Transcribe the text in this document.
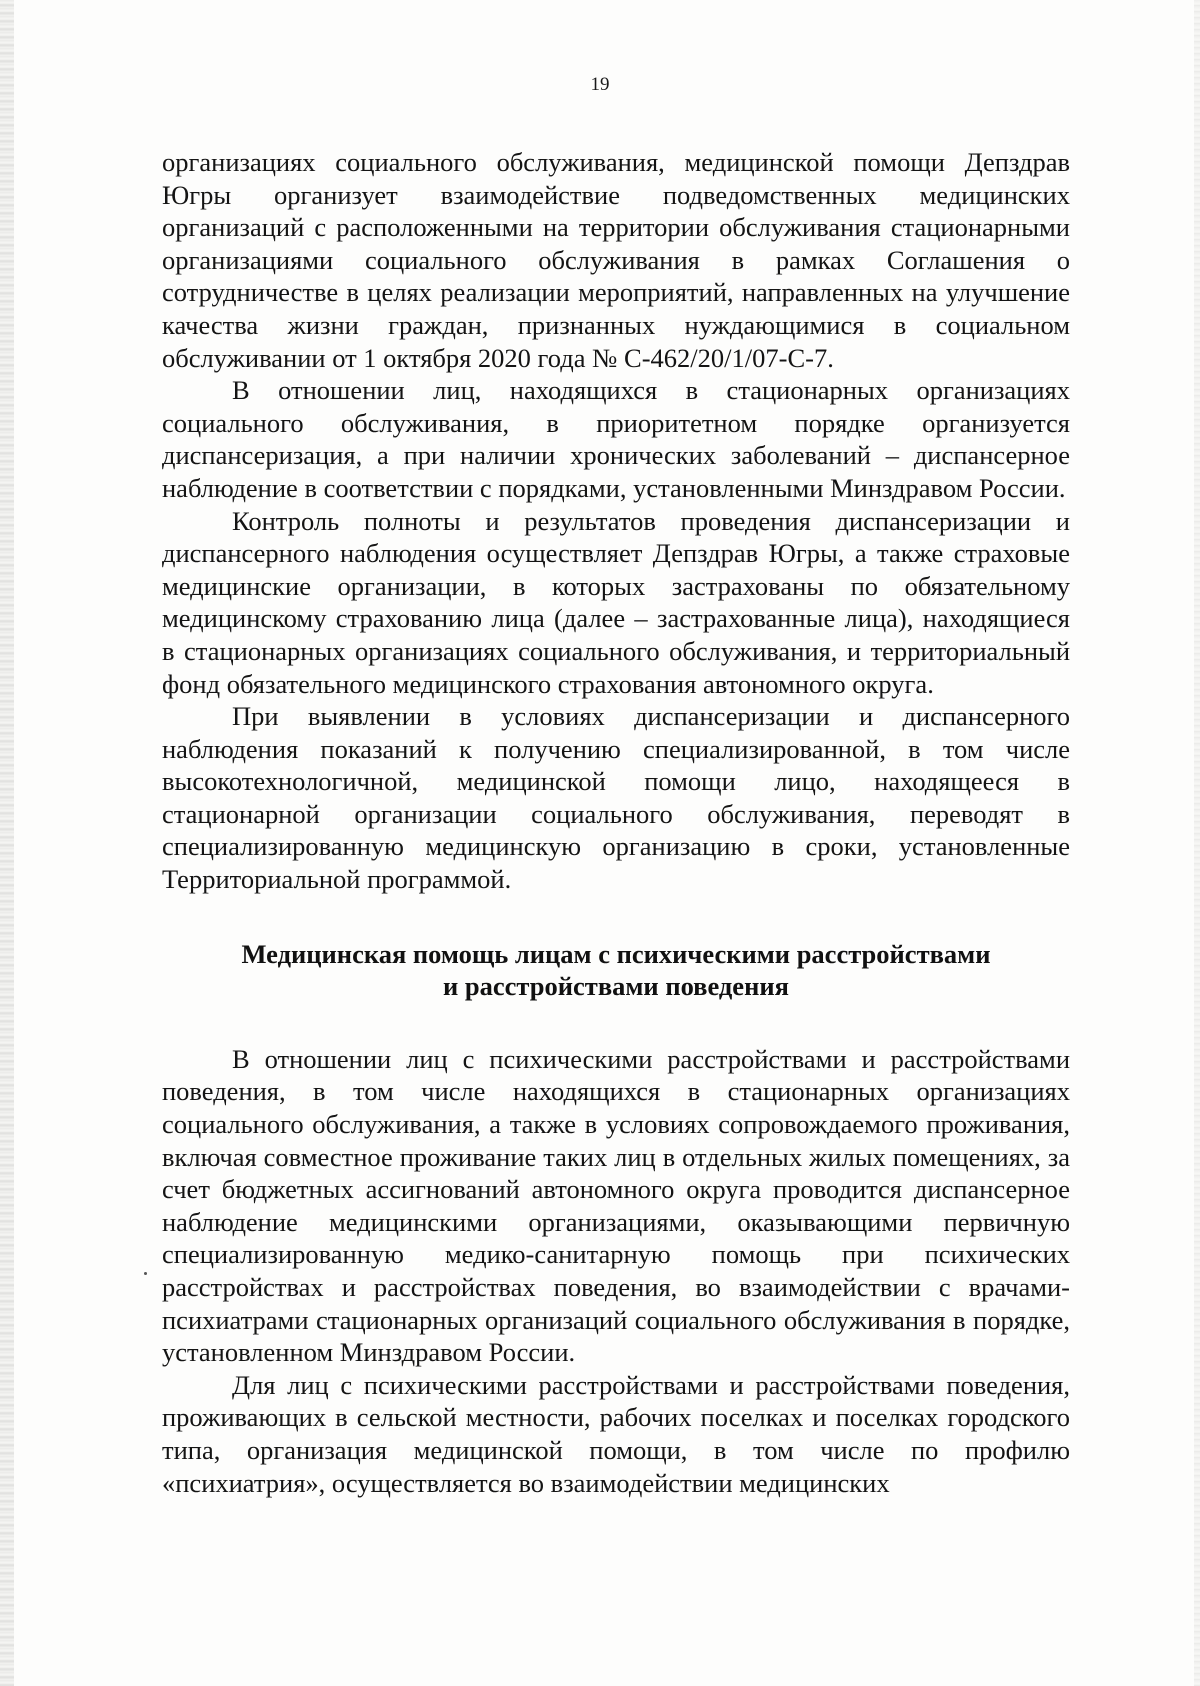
19

организациях социального обслуживания, медицинской помощи Депздрав Югры организует взаимодействие подведомственных медицинских организаций с расположенными на территории обслуживания стационарными организациями социального обслуживания в рамках Соглашения о сотрудничестве в целях реализации мероприятий, направленных на улучшение качества жизни граждан, признанных нуждающимися в социальном обслуживании от 1 октября 2020 года № С-462/20/1/07-С-7.

В отношении лиц, находящихся в стационарных организациях социального обслуживания, в приоритетном порядке организуется диспансеризация, а при наличии хронических заболеваний – диспансерное наблюдение в соответствии с порядками, установленными Минздравом России.

Контроль полноты и результатов проведения диспансеризации и диспансерного наблюдения осуществляет Депздрав Югры, а также страховые медицинские организации, в которых застрахованы по обязательному медицинскому страхованию лица (далее – застрахованные лица), находящиеся в стационарных организациях социального обслуживания, и территориальный фонд обязательного медицинского страхования автономного округа.

При выявлении в условиях диспансеризации и диспансерного наблюдения показаний к получению специализированной, в том числе высокотехнологичной, медицинской помощи лицо, находящееся в стационарной организации социального обслуживания, переводят в специализированную медицинскую организацию в сроки, установленные Территориальной программой.

Медицинская помощь лицам с психическими расстройствами
и расстройствами поведения

В отношении лиц с психическими расстройствами и расстройствами поведения, в том числе находящихся в стационарных организациях социального обслуживания, а также в условиях сопровождаемого проживания, включая совместное проживание таких лиц в отдельных жилых помещениях, за счет бюджетных ассигнований автономного округа проводится диспансерное наблюдение медицинскими организациями, оказывающими первичную специализированную медико-санитарную помощь при психических расстройствах и расстройствах поведения, во взаимодействии с врачами-психиатрами стационарных организаций социального обслуживания в порядке, установленном Минздравом России.

Для лиц с психическими расстройствами и расстройствами поведения, проживающих в сельской местности, рабочих поселках и поселках городского типа, организация медицинской помощи, в том числе по профилю «психиатрия», осуществляется во взаимодействии медицинских
